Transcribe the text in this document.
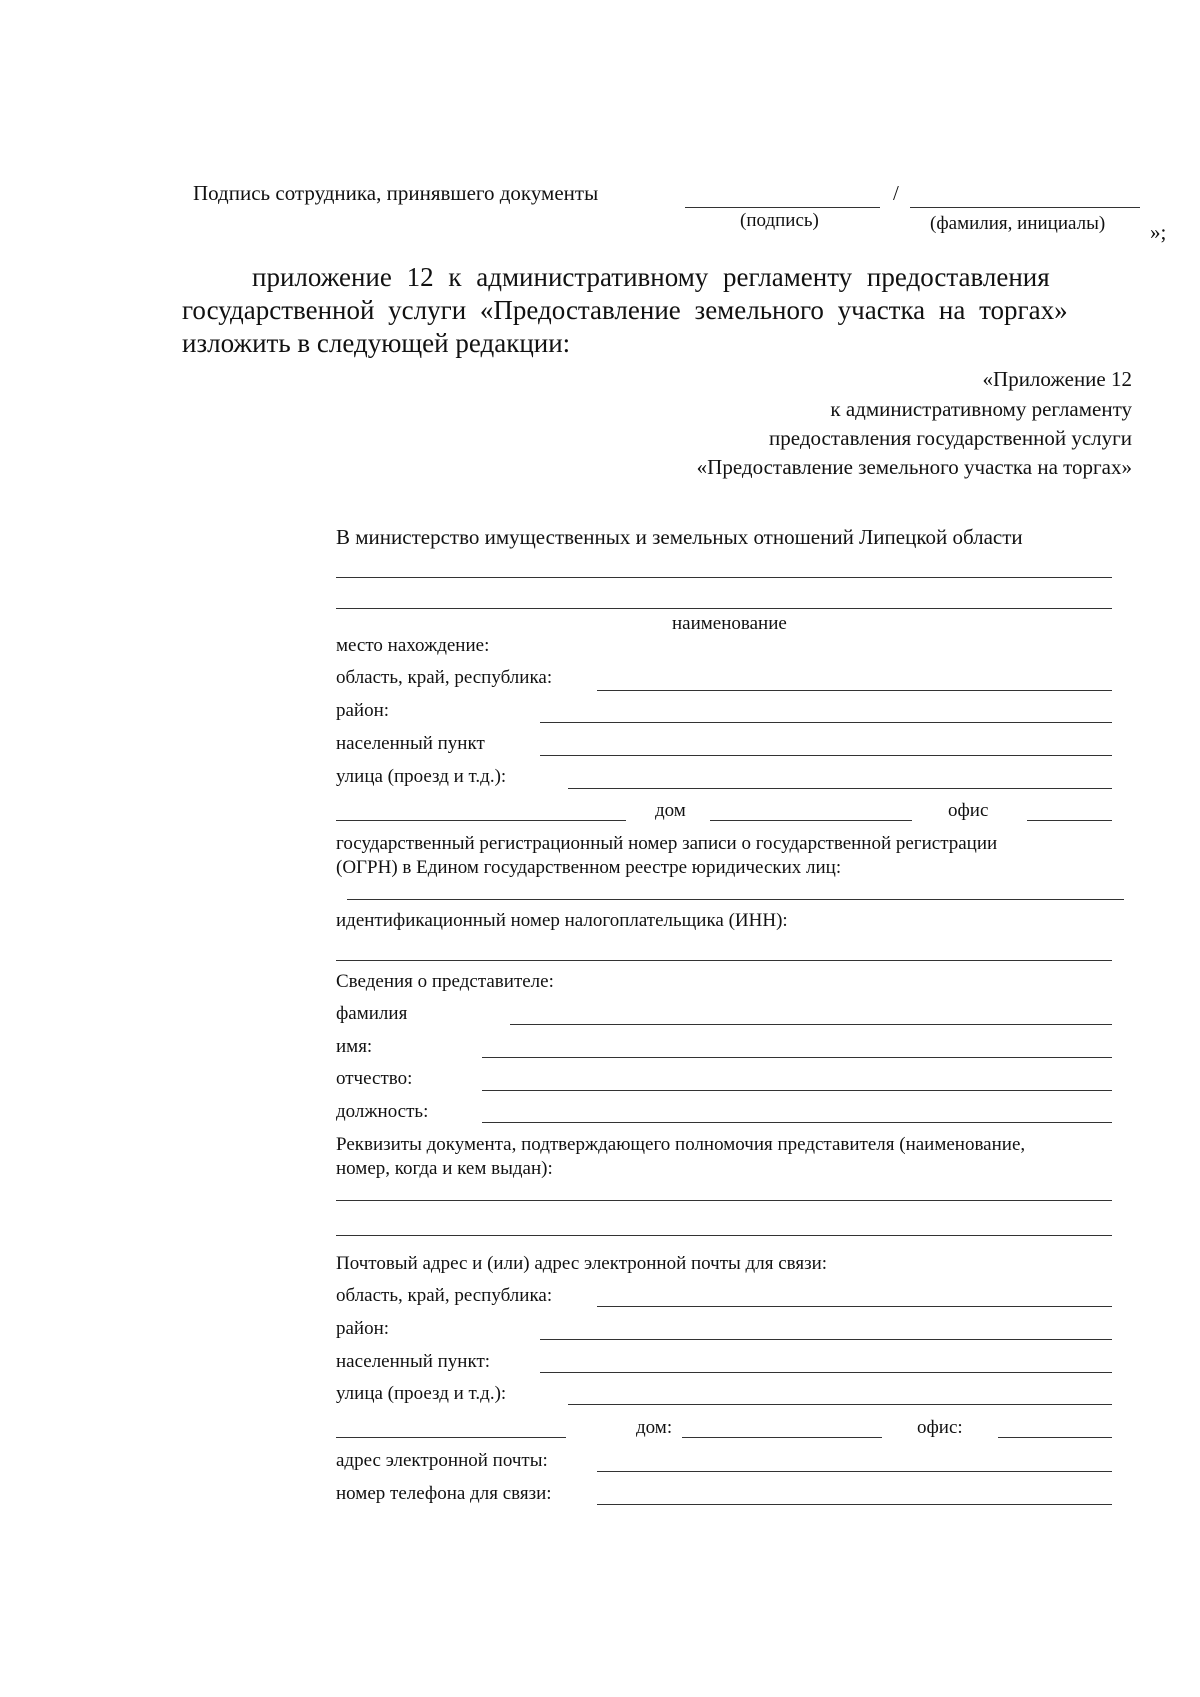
Подпись сотрудника, принявшего документы	/
(подпись)	(фамилия, инициалы) »;
приложение 12 к административному регламенту предоставления
государственной услуги «Предоставление земельного участка на торгах»
изложить в следующей редакции:
«Приложение 12
к административному регламенту
предоставления государственной услуги
«Предоставление земельного участка на торгах»
В министерство имущественных и земельных отношений Липецкой области
наименование
место нахождение:
область, край, республика:
район:
населенный пункт
улица (проезд и т.д.):
дом	офис
государственный регистрационный номер записи о государственной регистрации
(ОГРН) в Едином государственном реестре юридических лиц:
идентификационный номер налогоплательщика (ИНН):
Сведения о представителе:
фамилия
имя:
отчество:
должность:
Реквизиты документа, подтверждающего полномочия представителя (наименование,
номер, когда и кем выдан):
Почтовый адрес и (или) адрес электронной почты для связи:
область, край, республика:
район:
населенный пункт:
улица (проезд и т.д.):
дом:	офис:
адрес электронной почты:
номер телефона для связи:
